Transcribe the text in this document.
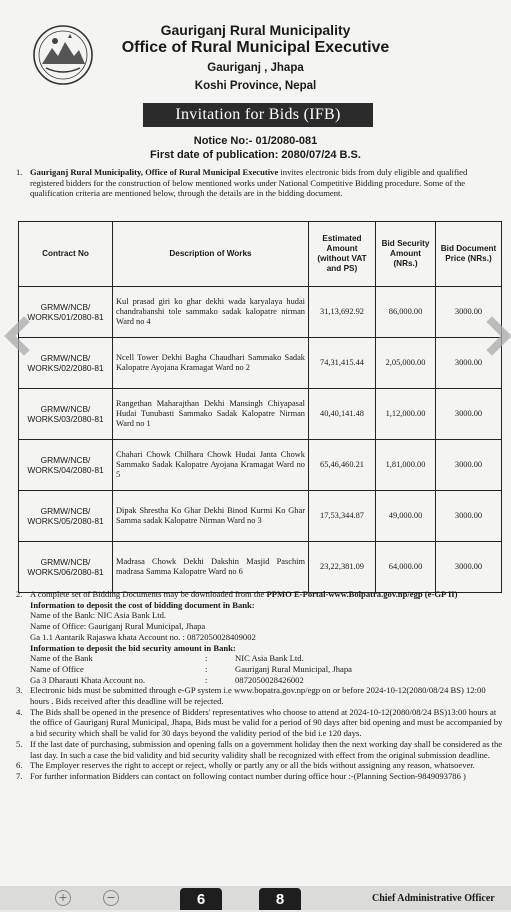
Gauriganj Rural Municipality
Office of Rural Municipal Executive
Gauriganj , Jhapa
Koshi Province, Nepal
Invitation for Bids (IFB)
Notice No:- 01/2080-081
First date of publication: 2080/07/24 B.S.
1. Gauriganj Rural Municipality, Office of Rural Municipal Executive invites electronic bids from duly eligible and qualified registered bidders for the construction of below mentioned works under National Competitive Bidding procedure. Some of the qualification criteria are mentioned below, through the details are in the bidding document.
Contract No	Description of Works	Estimated Amount (without VAT and PS)	Bid Security Amount (NRs.)	Bid Document Price (NRs.)
GRMW/NCB/ WORKS/01/2080-81	Kul prasad giri ko ghar dekhi wada karyalaya hudai chandrabanshi tole sammako sadak kalopatre nirman Ward no 4	31,13,692.92	86,000.00	3000.00
GRMW/NCB/ WORKS/02/2080-81	Ncell Tower Dekhi Bagha Chaudhari Sammako Sadak Kalopatre Ayojana Kramagat Ward no 2	74,31,415.44	2,05,000.00	3000.00
GRMW/NCB/ WORKS/03/2080-81	Rangethan Maharajthan Dekhi Mansingh Chiyapasal Hudai Tunubasti Sammako Sadak Kalopatre Nirman Ward no 1	40,40,141.48	1,12,000.00	3000.00
GRMW/NCB/ WORKS/04/2080-81	Chahari Chowk Chilhara Chowk Hudai Janta Chowk Sammako Sadak Kalopatre Ayojana Kramagat Ward no 5	65,46,460.21	1,81,000.00	3000.00
GRMW/NCB/ WORKS/05/2080-81	Dipak Shrestha Ko Ghar Dekhi Binod Kurmi Ko Ghar Samma sadak Kalopatre Nirman Ward no 3	17,53,344.87	49,000.00	3000.00
GRMW/NCB/ WORKS/06/2080-81	Madrasa Chowk Dekhi Dakshin Masjid Paschim madrasa Samma Kalopatre Ward no 6	23,22,381.09	64,000.00	3000.00
2. A complete set of Bidding Documents may be downloaded from the PPMO E-Portal-www.Bolpatra.gov.np/egp (e-GP II)
Information to deposit the cost of bidding document in Bank:
Name of the Bank: NIC Asia Bank Ltd.
Name of Office: Gauriganj Rural Municipal, Jhapa
Ga 1.1 Aantarik Rajaswa khata Account no. : 0872050028409002
Information to deposit the bid security amount in Bank:
Name of the Bank	:	NIC Asia Bank Ltd.
Name of Office	:	Gauriganj Rural Municipal, Jhapa
Ga 3 Dharauti Khata Account no.	:	0872050028426002
3. Electronic bids must be submitted through e-GP system i.e www.bopatra.gov.np/egp on or before 2024-10-12(2080/08/24 BS) 12:00 hours . Bids received after this deadline will be rejected.
4. The Bids shall be opened in the presence of Bidders' representatives who choose to attend at 2024-10-12(2080/08/24 BS)13:00 hours at the office of Gauriganj Rural Municipal, Jhapa, Bids must be valid for a period of 90 days after bid opening and must be accompanied by a bid security which shall be valid for 30 days beyond the validity period of the bid i.e 120 days.
5. If the last date of purchasing, submission and opening falls on a government holiday then the next working day shall be considered as the last day. In such a case the bid validity and bid security validity shall be recognized with effect from the original submission deadline.
6. The Employer reserves the right to accept or reject, wholly or partly any or all the bids without assigning any reason, whatsoever.
7. For further information Bidders can contact on following contact number during office hour :-(Planning Section-9849093786 )
Chief Administrative Officer
+	−	6	8
